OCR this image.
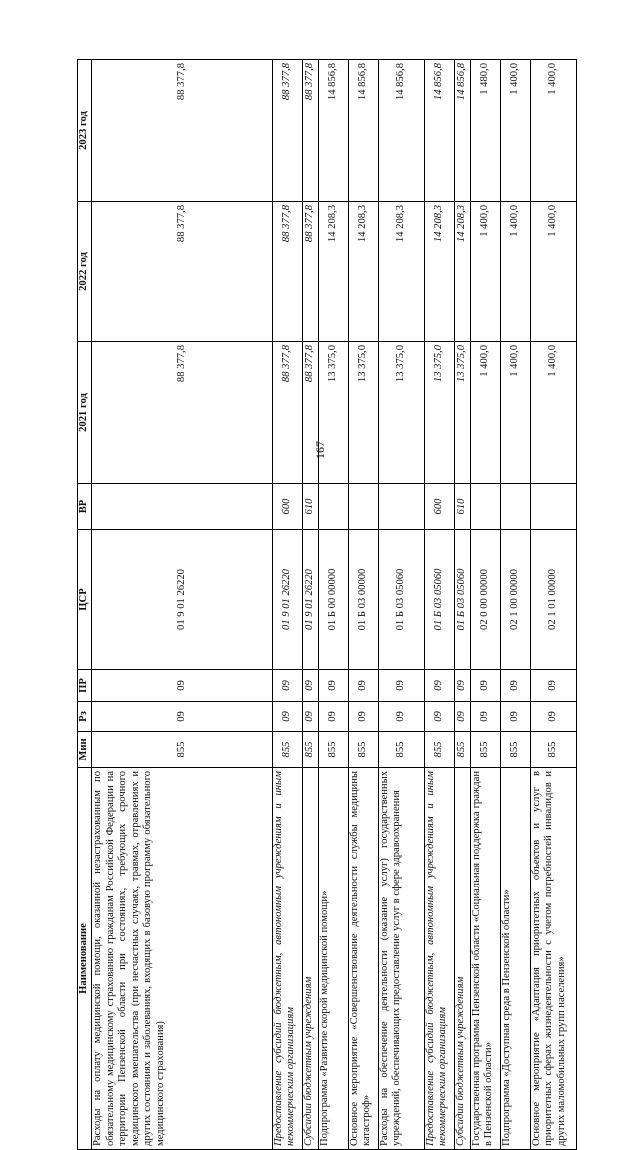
167
Наименование	Мин	Рз	ПР	ЦСР	ВР	2021 год	2022 год	2023 год
Расходы на оплату медицинской помощи, оказанной незастрахованным по обязательному медицинскому страхованию гражданам Российской Федерации на территории Пензенской области при состояниях, требующих срочного медицинского вмешательства (при несчастных случаях, травмах, отравлениях и других состояниях и заболеваниях, входящих в базовую программу обязательного медицинского страхования)	855	09	09	01 9 01 26220		88 377,8	88 377,8	88 377,8
Предоставление субсидий бюджетным, автономным учреждениям и иным некоммерческим организациям	855	09	09	01 9 01 26220	600	88 377,8	88 377,8	88 377,8
Субсидии бюджетным учреждениям	855	09	09	01 9 01 26220	610	88 377,8	88 377,8	88 377,8
Подпрограмма «Развитие скорой медицинской помощи»	855	09	09	01 Б 00 00000		13 375,0	14 208,3	14 856,8
Основное мероприятие «Совершенствование деятельности службы медицины катастроф»	855	09	09	01 Б 03 00000		13 375,0	14 208,3	14 856,8
Расходы на обеспечение деятельности (оказание услуг) государственных учреждений, обеспечивающих предоставление услуг в сфере здравоохранения	855	09	09	01 Б 03 05060		13 375,0	14 208,3	14 856,8
Предоставление субсидий бюджетным, автономным учреждениям и иным некоммерческим организациям	855	09	09	01 Б 03 05060	600	13 375,0	14 208,3	14 856,8
Субсидии бюджетным учреждениям	855	09	09	01 Б 03 05060	610	13 375,0	14 208,3	14 856,8
Государственная программа Пензенской области «Социальная поддержка граждан в Пензенской области»	855	09	09	02 0 00 00000		1 400,0	1 400,0	1 480,0
Подпрограмма «Доступная среда в Пензенской области»	855	09	09	02 1 00 00000		1 400,0	1 400,0	1 400,0
Основное мероприятие «Адаптация приоритетных объектов и услуг в приоритетных сферах жизнедеятельности с учетом потребностей инвалидов и других маломобильных групп населения»	855	09	09	02 1 01 00000		1 400,0	1 400,0	1 400,0
